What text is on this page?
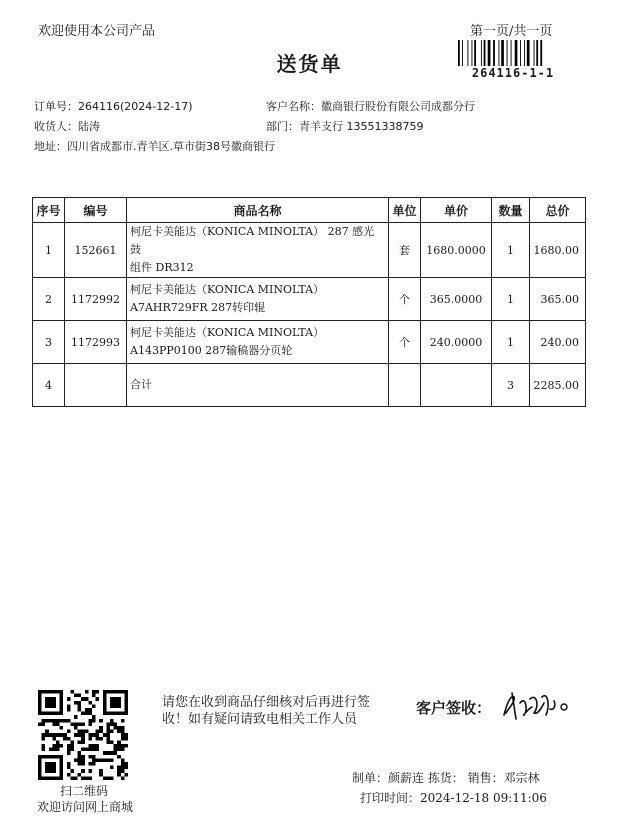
欢迎使用本公司产品	第一页/共一页
送货单	264116-1-1
订单号：264116(2024-12-17)
收货人：陆涛
地址：四川省成都市.青羊区.草市街38号徽商银行
客户名称：徽商银行股份有限公司成都分行
部门：青羊支行 13551338759
序号	编号	商品名称	单位	单价	数量	总价
1	152661	柯尼卡美能达（KONICA MINOLTA） 287 感光鼓
组件 DR312	套	1680.0000	1	1680.00
2	1172992	柯尼卡美能达（KONICA MINOLTA）
A7AHR729FR 287转印辊	个	365.0000	1	365.00
3	1172993	柯尼卡美能达（KONICA MINOLTA）
A143PP0100 287输稿器分页轮	个	240.0000	1	240.00
4		合计			3	2285.00
扫二维码
欢迎访问网上商城
请您在收到商品仔细核对后再进行签收！如有疑问请致电相关工作人员
客户签收：
制单：颜薪连 拣货： 销售：邓宗林
打印时间：2024-12-18 09:11:06
